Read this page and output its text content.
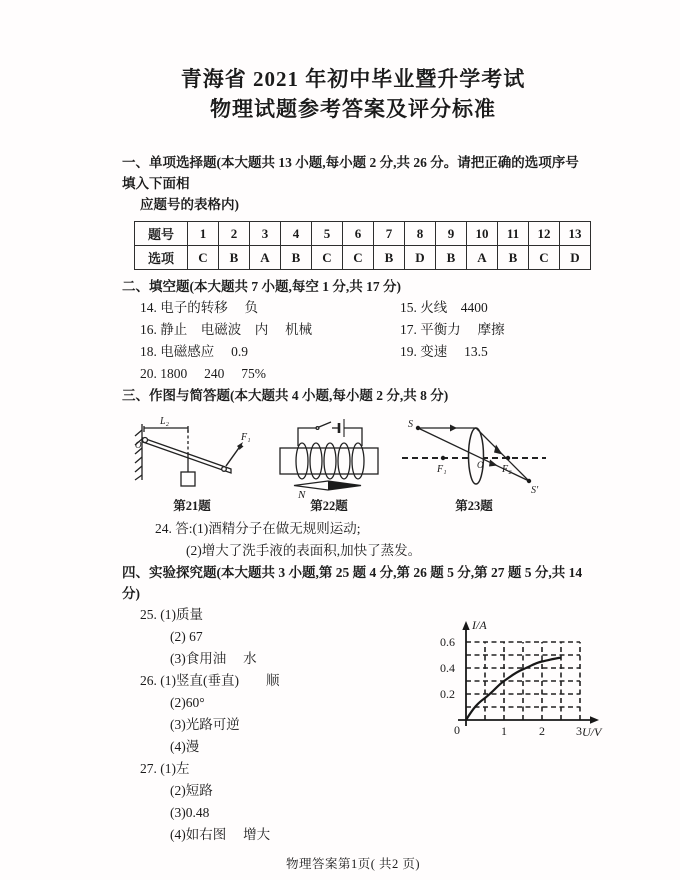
青海省 2021 年初中毕业暨升学考试
物理试题参考答案及评分标准
一、单项选择题(本大题共 13 小题,每小题 2 分,共 26 分。请把正确的选项序号填入下面相
应题号的表格内)
题号	1	2	3	4	5	6	7	8	9	10	11	12	13
选项	C	B	A	B	C	C	B	D	B	A	B	C	D
二、填空题(本大题共 7 小题,每空 1 分,共 17 分)
14. 电子的转移　 负	15. 火线　4400
16. 静止　电磁波　内　 机械	17. 平衡力　 摩擦
18. 电磁感应　 0.9	19. 变速　 13.5
20. 1800　 240　 75%
三、作图与简答题(本大题共 4 小题,每小题 2 分,共 8 分)
L₂
O
F₁
第21题
N
第22题
S
F₁	O F₂
S′
第23题
24. 答:(1)酒精分子在做无规则运动;
(2)增大了洗手液的表面积,加快了蒸发。
四、实验探究题(本大题共 3 小题,第 25 题 4 分,第 26 题 5 分,第 27 题 5 分,共 14 分)
25. (1)质量
(2) 67
(3)食用油　 水
26. (1)竖直(垂直)　　顺
(2)60°
(3)光路可逆
(4)漫
27. (1)左
(2)短路
(3)0.48
(4)如右图　 增大
物理答案第1页( 共2 页)
I/A
U/V
0.6
0.4
0.2
0	1	2	3
